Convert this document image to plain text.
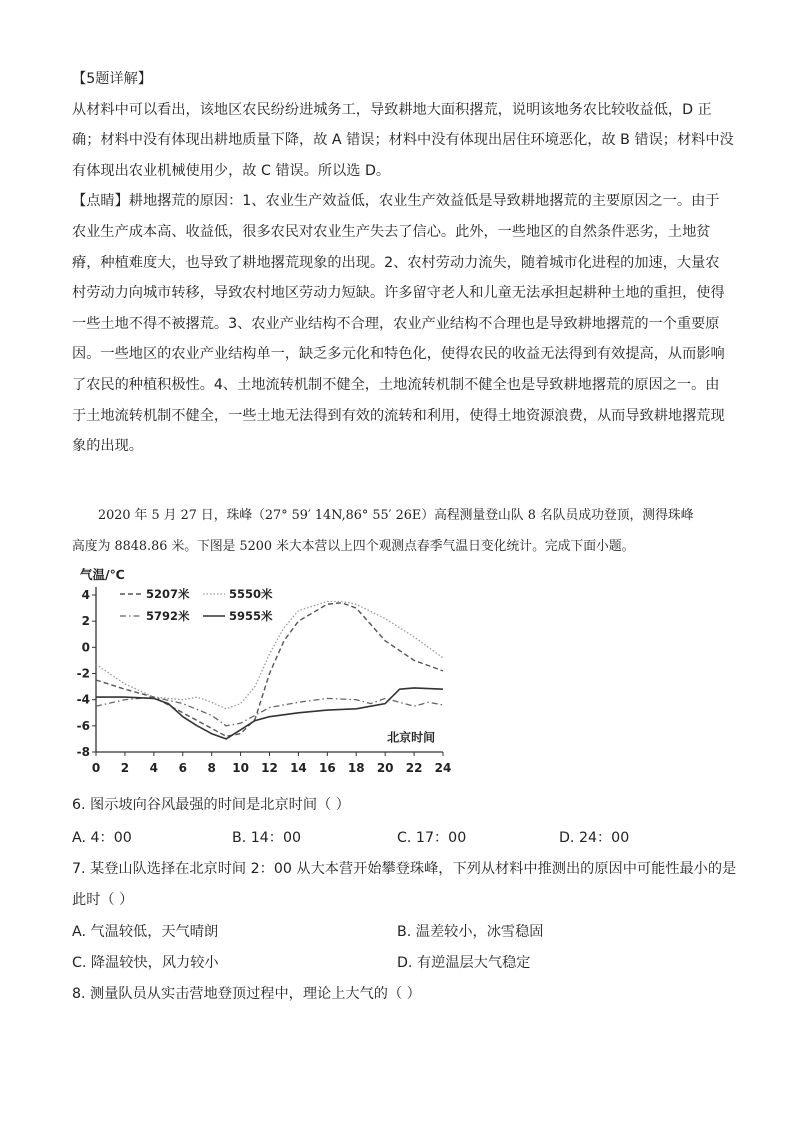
【5题详解】
从材料中可以看出，该地区农民纷纷进城务工，导致耕地大面积撂荒，说明该地务农比较收益低，D 正
确；材料中没有体现出耕地质量下降，故 A 错误；材料中没有体现出居住环境恶化，故 B 错误；材料中没
有体现出农业机械使用少，故 C 错误。所以选 D。
【点睛】耕地撂荒的原因：1、农业生产效益低，农业生产效益低是导致耕地撂荒的主要原因之一。由于
农业生产成本高、收益低，很多农民对农业生产失去了信心。此外，一些地区的自然条件恶劣，土地贫
瘠，种植难度大，也导致了耕地撂荒现象的出现。2、农村劳动力流失，随着城市化进程的加速，大量农
村劳动力向城市转移，导致农村地区劳动力短缺。许多留守老人和儿童无法承担起耕种土地的重担，使得
一些土地不得不被撂荒。3、农业产业结构不合理，农业产业结构不合理也是导致耕地撂荒的一个重要原
因。一些地区的农业产业结构单一，缺乏多元化和特色化，使得农民的收益无法得到有效提高，从而影响
了农民的种植积极性。4、土地流转机制不健全，土地流转机制不健全也是导致耕地撂荒的原因之一。由
于土地流转机制不健全，一些土地无法得到有效的流转和利用，使得土地资源浪费，从而导致耕地撂荒现
象的出现。
2020 年 5 月 27 日，珠峰（27° 59′ 14N,86° 55′ 26E）高程测量登山队 8 名队员成功登顶，测得珠峰
高度为 8848.86 米。下图是 5200 米大本营以上四个观测点春季气温日变化统计。完成下面小题。
气温/℃
-8
-6
-4
-2
0
2
4
0 2 4 6 8 10 12 14 16 18 20 22 24
北京时间
5207米	5550米
5792米	5955米
6. 图示坡向谷风最强的时间是北京时间（ ）
A. 4：00	B. 14：00	C. 17：00	D. 24：00
7. 某登山队选择在北京时间 2：00 从大本营开始攀登珠峰，下列从材料中推测出的原因中可能性最小的是
此时（ ）
A. 气温较低，天气晴朗	B. 温差较小，冰雪稳固
C. 降温较快，风力较小	D. 有逆温层大气稳定
8. 测量队员从实击营地登顶过程中，理论上大气的（ ）
